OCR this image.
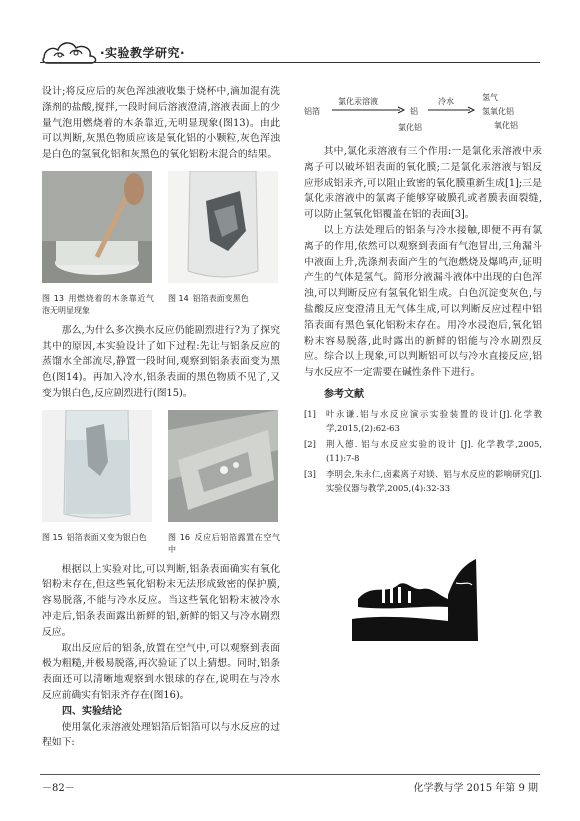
·实验教学研究·

设计;将反应后的灰色浑浊液收集于烧杯中,滴加混有洗涤剂的盐酸,搅拌,一段时间后溶液澄清,溶液表面上的少量气泡用燃烧着的木条靠近,无明显现象(图13)。由此可以判断,灰黑色物质应该是氧化铝的小颗粒,灰色浑浊是白色的氢氧化铝和灰黑色的氧化铝粉末混合的结果。

图 13 用燃烧着的木条靠近气泡无明显现象
图 14 铝箔表面变黑色

那么,为什么多次换水反应仍能剧烈进行?为了探究其中的原因,本实验设计了如下过程:先让与铝条反应的蒸馏水全部流尽,静置一段时间,观察到铝条表面变为黑色(图14)。再加入冷水,铝条表面的黑色物质不见了,又变为银白色,反应剧烈进行(图15)。

图 15 铝箔表面又变为银白色	图 16 反应后铝箔露置在空气中

根据以上实验对比,可以判断,铝条表面确实有氧化铝粉末存在,但这些氧化铝粉末无法形成致密的保护膜,容易脱落,不能与冷水反应。当这些氧化铝粉末被冷水冲走后,铝条表面露出新鲜的铝,新鲜的铝又与冷水剧烈反应。

取出反应后的铝条,放置在空气中,可以观察到表面极为粗糙,并极易脱落,再次验证了以上猜想。同时,铝条表面还可以清晰地观察到水银球的存在,说明在与冷水反应前确实有铝汞齐存在(图16)。

四、实验结论

使用氯化汞溶液处理铝箔后铝箔可以与水反应的过程如下:

铝箔
氯化汞溶液
铝
氯化铝
冷水	氢气
氢氧化铝
氧化铝

其中,氯化汞溶液有三个作用:一是氯化汞溶液中汞离子可以破坏铝表面的氧化膜;二是氯化汞溶液与铝反应形成铝汞齐,可以阻止致密的氧化膜重新生成[1];三是氯化汞溶液中的氯离子能够穿破膜孔或者膜表面裂缝,可以防止氢氧化铝覆盖在铝的表面[3]。

以上方法处理后的铝条与冷水接触,即便不再有氯离子的作用,依然可以观察到表面有气泡冒出,三角漏斗中液面上升,洗涤剂表面产生的气泡燃烧及爆鸣声,证明产生的气体是氢气。简形分液漏斗液体中出现的白色浑浊,可以判断反应有氢氧化铝生成。白色沉淀变灰色,与盐酸反应变澄清且无气体生成,可以判断反应过程中铝箔表面有黑色氧化铝粉末存在。用冷水浸泡后,氧化铝粉末容易脱落,此时露出的新鲜的铝能与冷水剧烈反应。综合以上现象,可以判断铝可以与冷水直接反应,铝与水反应不一定需要在碱性条件下进行。

参考文献
[1]	叶永谦.铝与水反应演示实验装置的设计[J].化学教学,2015,(2):62-63
[2]	荆入德. 铝与水反应实验的设计 [J]. 化学教学,2005,(11):7-8
[3]	李明会,朱永仁,卤素离子对镁、铝与水反应的影响研究[J].实验仪器与教学,2005,(4):32-33
－82－	化学教与学 2015 年第 9 期
